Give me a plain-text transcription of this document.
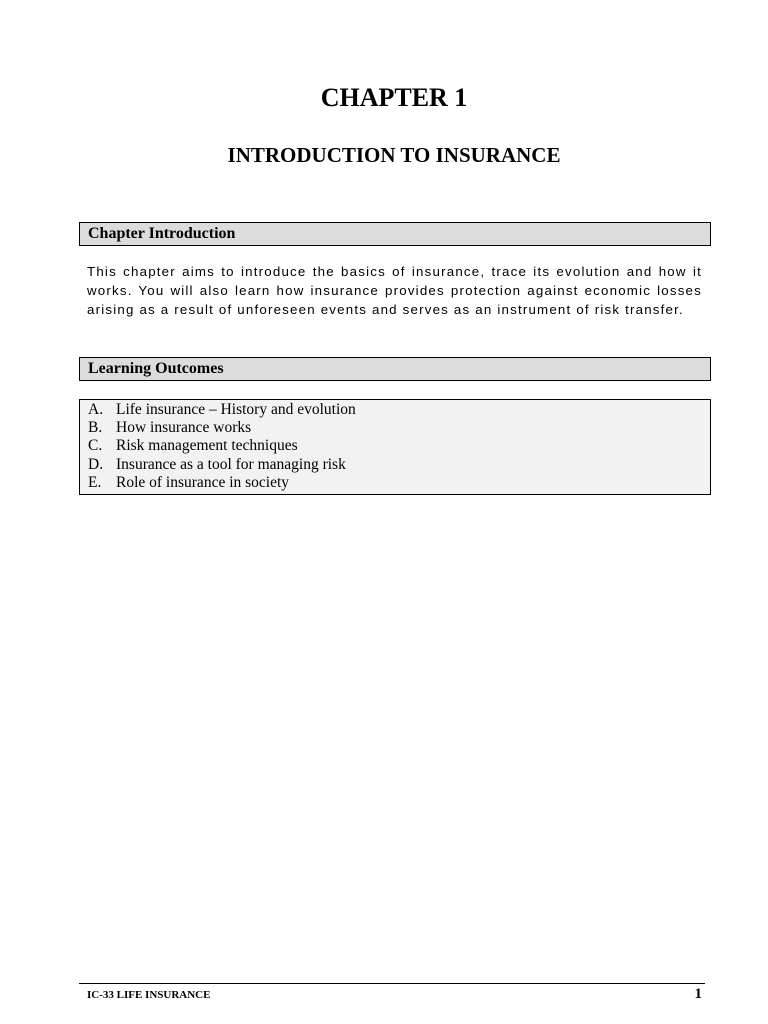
CHAPTER 1
INTRODUCTION TO INSURANCE
Chapter Introduction

This chapter aims to introduce the basics of insurance, trace its evolution and how it works. You will also learn how insurance provides protection against economic losses arising as a result of unforeseen events and serves as an instrument of risk transfer.

Learning Outcomes
A. Life insurance – History and evolution
B. How insurance works
C. Risk management techniques
D. Insurance as a tool for managing risk
E. Role of insurance in society
IC-33 LIFE INSURANCE	1
